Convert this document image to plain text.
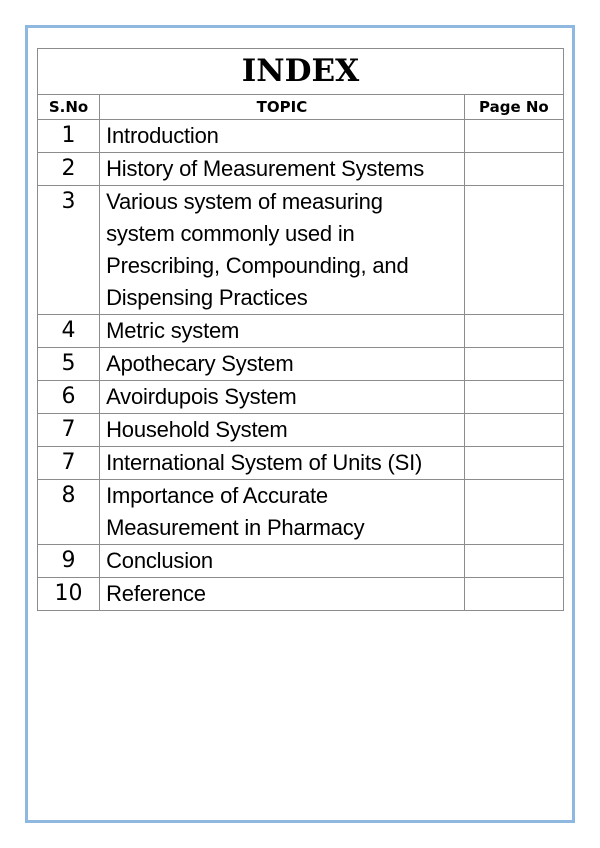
INDEX		
S.No	TOPIC	Page No
1	Introduction	

2	History of Measurement Systems	

3	Various system of measuring system commonly used in Prescribing, Compounding, and Dispensing Practices	

4	Metric system	

5	Apothecary System	

6	Avoirdupois System	

7	Household System	

7	International System of Units (SI)	

8	Importance of Accurate Measurement in Pharmacy	

9	Conclusion	

10	Reference	
